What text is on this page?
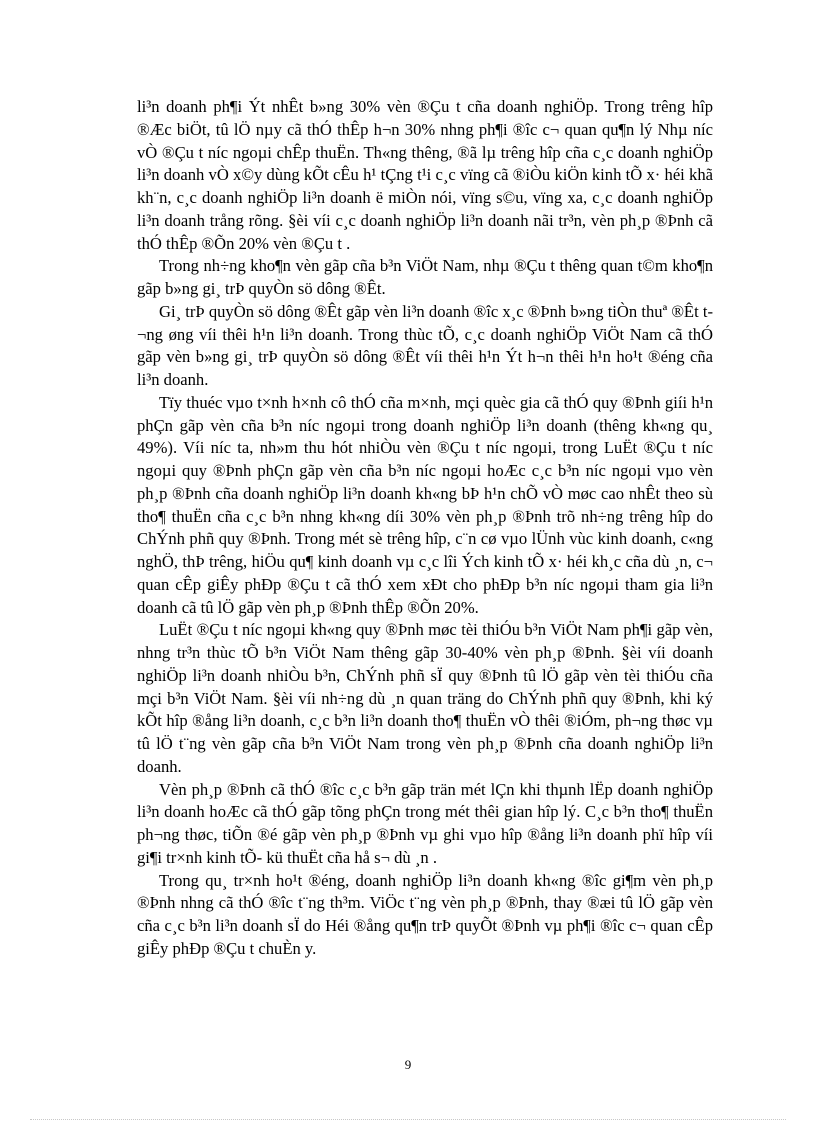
li³n doanh ph¶i Ýt nhÊt b»ng 30% vèn ®Çu t cña doanh nghiÖp. Trong trêng hîp ®Æc biÖt, tû lÖ nµy cã thÓ thÊp h¬n 30% nhng ph¶i ®îc c¬ quan qu¶n lý Nhµ níc vÒ ®Çu t níc ngoµi chÊp thuËn. Th«ng thêng, ®ã lµ trêng hîp cña c¸c doanh nghiÖp li³n doanh vÒ x©y dùng kÕt cÊu h¹ tÇng t¹i c¸c vïng cã ®iÒu kiÖn kinh tÕ x· héi khã kh¨n, c¸c doanh nghiÖp li³n doanh ë miÒn nói, vïng s©u, vïng xa, c¸c doanh nghiÖp li³n doanh trång rõng. §èi víi c¸c doanh nghiÖp li³n doanh nãi tr³n, vèn ph¸p ®Þnh cã thÓ thÊp ®Õn 20% vèn ®Çu t .

Trong nh÷ng kho¶n vèn gãp cña b³n ViÖt Nam, nhµ ®Çu t thêng quan t©m kho¶n gãp b»ng gi¸ trÞ quyÒn sö dông ®Êt.

Gi¸ trÞ quyÒn sö dông ®Êt gãp vèn li³n doanh ®îc x¸c ®Þnh b»ng tiÒn thuª ®Êt t¬ng øng víi thêi h¹n li³n doanh. Trong thùc tÕ, c¸c doanh nghiÖp ViÖt Nam cã thÓ gãp vèn b»ng gi¸ trÞ quyÒn sö dông ®Êt víi thêi h¹n Ýt h¬n thêi h¹n ho¹t ®éng cña li³n doanh.

Tïy thuéc vµo t×nh h×nh cô thÓ cña m×nh, mçi quèc gia cã thÓ quy ®Þnh giíi h¹n phÇn gãp vèn cña b³n níc ngoµi trong doanh nghiÖp li³n doanh (thêng kh«ng qu¸ 49%). Víi níc ta, nh»m thu hót nhiÒu vèn ®Çu t níc ngoµi, trong LuËt ®Çu t níc ngoµi quy ®Þnh phÇn gãp vèn cña b³n níc ngoµi hoÆc c¸c b³n níc ngoµi vµo vèn ph¸p ®Þnh cña doanh nghiÖp li³n doanh kh«ng bÞ h¹n chÕ vÒ møc cao nhÊt theo sù tho¶ thuËn cña c¸c b³n nhng kh«ng díi 30% vèn ph¸p ®Þnh trõ nh÷ng trêng hîp do ChÝnh phñ quy ®Þnh. Trong mét sè trêng hîp, c¨n cø vµo lÜnh vùc kinh doanh, c«ng nghÖ, thÞ trêng, hiÖu qu¶ kinh doanh vµ c¸c lîi Ých kinh tÕ x· héi kh¸c cña dù ¸n, c¬ quan cÊp giÊy phÐp ®Çu t cã thÓ xem xÐt cho phÐp b³n níc ngoµi tham gia li³n doanh cã tû lÖ gãp vèn ph¸p ®Þnh thÊp ®Õn 20%.

LuËt ®Çu t níc ngoµi kh«ng quy ®Þnh møc tèi thiÓu b³n ViÖt Nam ph¶i gãp vèn, nhng tr³n thùc tÕ b³n ViÖt Nam thêng gãp 30-40% vèn ph¸p ®Þnh. §èi víi doanh nghiÖp li³n doanh nhiÒu b³n, ChÝnh phñ sÏ quy ®Þnh tû lÖ gãp vèn tèi thiÓu cña mçi b³n ViÖt Nam. §èi víi nh÷ng dù ¸n quan träng do ChÝnh phñ quy ®Þnh, khi ký kÕt hîp ®ång li³n doanh, c¸c b³n li³n doanh tho¶ thuËn vÒ thêi ®iÓm, ph¬ng thøc vµ tû lÖ t¨ng vèn gãp cña b³n ViÖt Nam trong vèn ph¸p ®Þnh cña doanh nghiÖp li³n doanh.

Vèn ph¸p ®Þnh cã thÓ ®îc c¸c b³n gãp trän mét lÇn khi thµnh lËp doanh nghiÖp li³n doanh hoÆc cã thÓ gãp tõng phÇn trong mét thêi gian hîp lý. C¸c b³n tho¶ thuËn ph¬ng thøc, tiÕn ®é gãp vèn ph¸p ®Þnh vµ ghi vµo hîp ®ång li³n doanh phï hîp víi gi¶i tr×nh kinh tÕ- kü thuËt cña hå s¬ dù ¸n .

Trong qu¸ tr×nh ho¹t ®éng, doanh nghiÖp li³n doanh kh«ng ®îc gi¶m vèn ph¸p ®Þnh nhng cã thÓ ®îc t¨ng th³m. ViÖc t¨ng vèn ph¸p ®Þnh, thay ®æi tû lÖ gãp vèn cña c¸c b³n li³n doanh sÏ do Héi ®ång qu¶n trÞ quyÕt ®Þnh vµ ph¶i ®îc c¬ quan cÊp giÊy phÐp ®Çu t chuÈn y.

9
